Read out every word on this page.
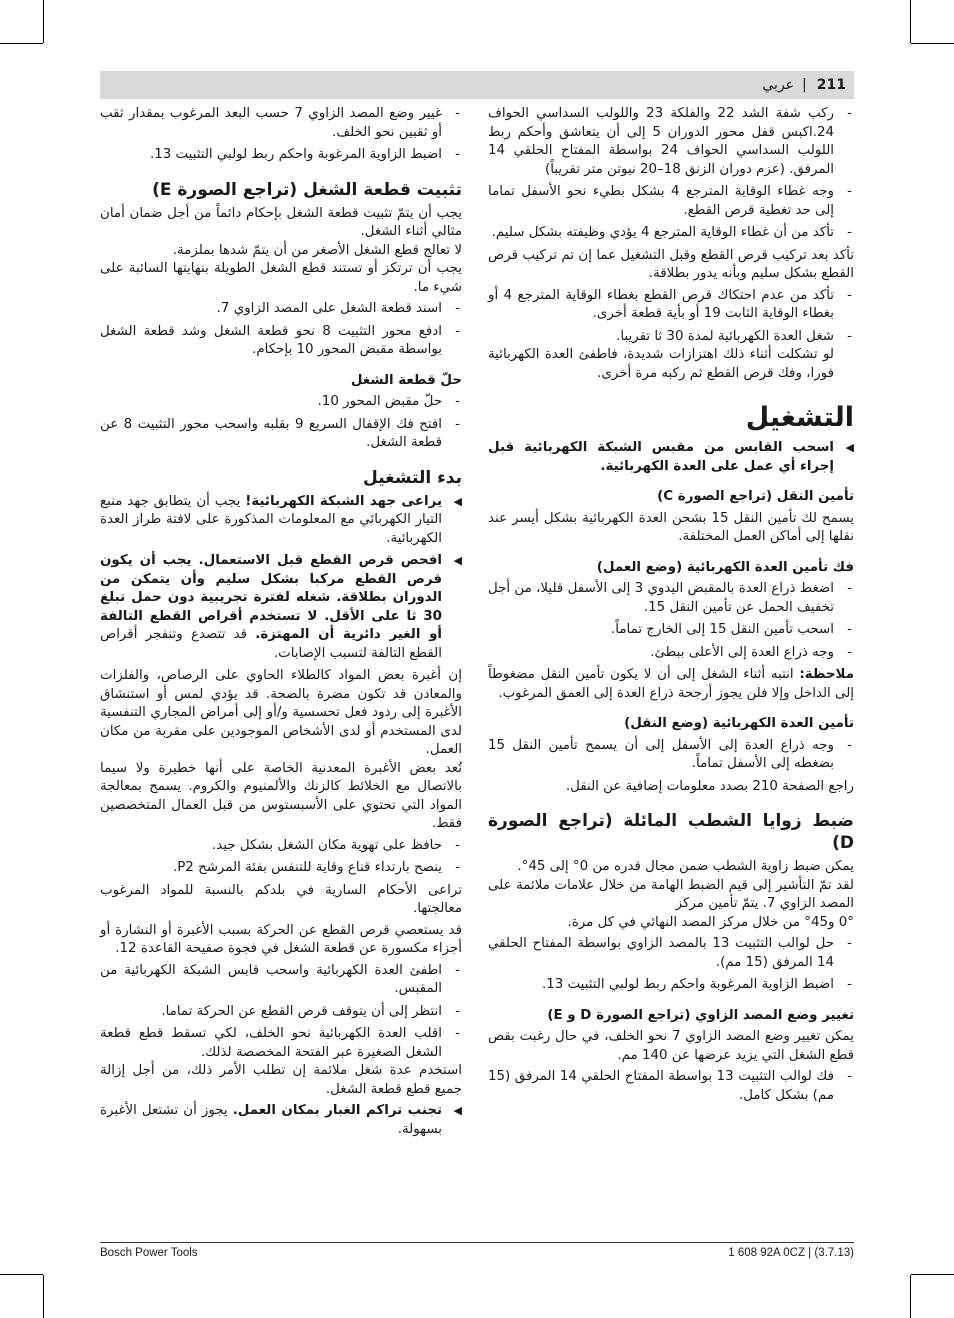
211
|
عربي
-
ركب شفة الشد 22 والفلكة 23 واللولب السداسي الحواف 24.اكبس قفل محور الدوران 5 إلى أن يتعاشق وأحكم ربط اللولب السداسي الحواف 24 بواسطة المفتاح الحلقي 14 المرفق. (عزم دوران الزنق 18–20 نيوتن متر تقريباً)
-
وجه غطاء الوقاية المترجع 4 بشكل بطيء نحو الأسفل تماما إلى حد تغطية قرص القطع.
-
تأكد من أن غطاء الوقاية المترجع 4 يؤدي وظيفته بشكل سليم.

تأكد بعد تركيب قرص القطع وقبل التشغيل عما إن تم تركيب قرص القطع بشكل سليم وبأنه يدور بطلاقة.

-
تأكد من عدم احتكاك قرص القطع بغطاء الوقاية المترجع 4 أو بغطاء الوقاية الثابت 19 أو بأية قطعة أخرى.
-
شغل العدة الكهربائية لمدة 30 ثا تقريبا.

لو تشكلت أثناء ذلك اهتزازات شديدة، فاطفئ العدة الكهربائية فورا، وفك قرص القطع ثم ركبه مرة أخرى.

التشغيل
◀
اسحب القابس من مقبس الشبكة الكهربائية قبل إجراء أي عمل على العدة الكهربائية.
تأمين النقل (تراجع الصورة C)

يسمح لك تأمين النقل 15 بشحن العدة الكهربائية بشكل أيسر عند نقلها إلى أماكن العمل المختلفة.

فك تأمين العدة الكهربائية (وضع العمل)
-
اضغط ذراع العدة بالمقبض اليدوي 3 إلى الأسفل قليلا، من أجل تخفيف الحمل عن تأمين النقل 15.
-
اسحب تأمين النقل 15 إلى الخارج تماماً.
-
وجه ذراع العدة إلى الأعلى ببطئ.

ملاحظة: انتبه أثناء الشغل إلى أن لا يكون تأمين النقل مضغوطاً إلى الداخل وإلا فلن يجوز أرجحة ذراع العدة إلى العمق المرغوب.

تأمين العدة الكهربائية (وضع النقل)
-
وجه ذراع العدة إلى الأسفل إلى أن يسمح تأمين النقل 15 بضغطه إلى الأسفل تماماً.

راجع الصفحة 210 بصدد معلومات إضافية عن النقل.

ضبط زوايا الشطب المائلة (تراجع الصورة D)

يمكن ضبط زاوية الشطب ضمن مجال قدره من 0° إلى 45°.

لقد تمّ التأشير إلى قيم الضبط الهامة من خلال علامات ملائمة على المصد الزاوي 7. يتمّ تأمين مركز

0° و45° من خلال مركز المصد النهائي في كل مرة.

-
حل لوالب التثبيت 13 بالمصد الزاوي بواسطة المفتاح الحلقي 14 المرفق (15 مم).
-
اضبط الزاوية المرغوبة واحكم ربط لولبي التثبيت 13.
تغيير وضع المصد الزاوي (تراجع الصورة D و E)

يمكن تغيير وضع المصد الزاوي 7 نحو الخلف، في حال رغبت بقص قطع الشغل التي يزيد عرضها عن 140 مم.

-
فك لوالب التثبيت 13 بواسطة المفتاح الحلقي 14 المرفق (15 مم) بشكل كامل.
-
غيير وضع المصد الزاوي 7 حسب البعد المرغوب بمقدار ثقب أو ثقبين نحو الخلف.
-
اضبط الزاوية المرغوبة واحكم ربط لولبي التثبيت 13.
تثبيت قطعة الشغل (تراجع الصورة E)

يجب أن يتمّ تثبيت قطعة الشغل بإحكام دائماً من أجل ضمان أمان مثالي أثناء الشغل.

لا تعالج قطع الشغل الأصغر من أن يتمّ شدها بملزمة.

يجب أن ترتكز أو تستند قطع الشغل الطويلة بنهايتها السائبة على شيء ما.

-
اسند قطعة الشغل على المصد الزاوي 7.
-
ادفع محور التثبيت 8 نحو قطعة الشغل وشد قطعة الشغل بواسطة مقبض المحور 10 بإحكام.
حلّ قطعة الشغل
-
حلّ مقبض المحور 10.
-
افتح فك الإقفال السريع 9 بقلبه واسحب محور التثبيت 8 عن قطعة الشغل.
بدء التشغيل
◀
يراعى جهد الشبكة الكهربائية! يجب أن يتطابق جهد منبع التيار الكهربائي مع المعلومات المذكورة على لافتة طراز العدة الكهربائية.
◀
افحص قرص القطع قبل الاستعمال. يجب أن يكون قرص القطع مركبا بشكل سليم وأن يتمكن من الدوران بطلاقة. شغله لفترة تجريبية دون حمل تبلغ 30 ثا على الأقل. لا تستخدم أقراص القطع التالفة أو الغير دائرية أن المهتزة. قد تتصدع وتنفجر أقراص القطع التالفة لتسبب الإصابات.

إن أغبرة بعض المواد كالطلاء الحاوي على الرصاص، والفلزات والمعادن قد تكون مضرة بالصحة. قد يؤدي لمس أو استنشاق الأغبرة إلى ردود فعل تحسسية و/أو إلى أمراض المجاري التنفسية لدى المستخدم أو لدى الأشخاص الموجودين على مقربة من مكان العمل.

تُعد بعض الأغبرة المعدنية الخاصة على أنها خطيرة ولا سيما بالاتصال مع الخلائط كالزنك والألمنيوم والكروم. يسمح بمعالجة المواد التي تحتوي على الأسبستوس من قبل العمال المتخصصين فقط.

-
حافظ على تهوية مكان الشغل بشكل جيد.
-
ينصح بارتداء قناع وقاية للتنفس بفئة المرشح P2.

تراعى الأحكام السارية في بلدكم بالنسبة للمواد المرغوب معالجتها.

قد يستعصي قرص القطع عن الحركة بسبب الأغبرة أو النشارة أو أجزاء مكسورة عن قطعة الشغل في فجوة صفيحة القاعدة 12.

-
اطفئ العدة الكهربائية واسحب قابس الشبكة الكهربائية من المقبس.
-
انتظر إلى أن يتوقف قرص القطع عن الحركة تماما.
-
اقلب العدة الكهربائية نحو الخلف، لكي تسقط قطع قطعة الشغل الصغيرة عبر الفتحة المخصصة لذلك.

استخدم عدة شغل ملائمة إن تطلب الأمر ذلك، من أجل إزالة جميع قطع قطعة الشغل.

◀
تجنب تراكم الغبار بمكان العمل. يجوز أن تشتعل الأغبرة بسهولة.
Bosch Power Tools	1 608 92A 0CZ | (3.7.13)
